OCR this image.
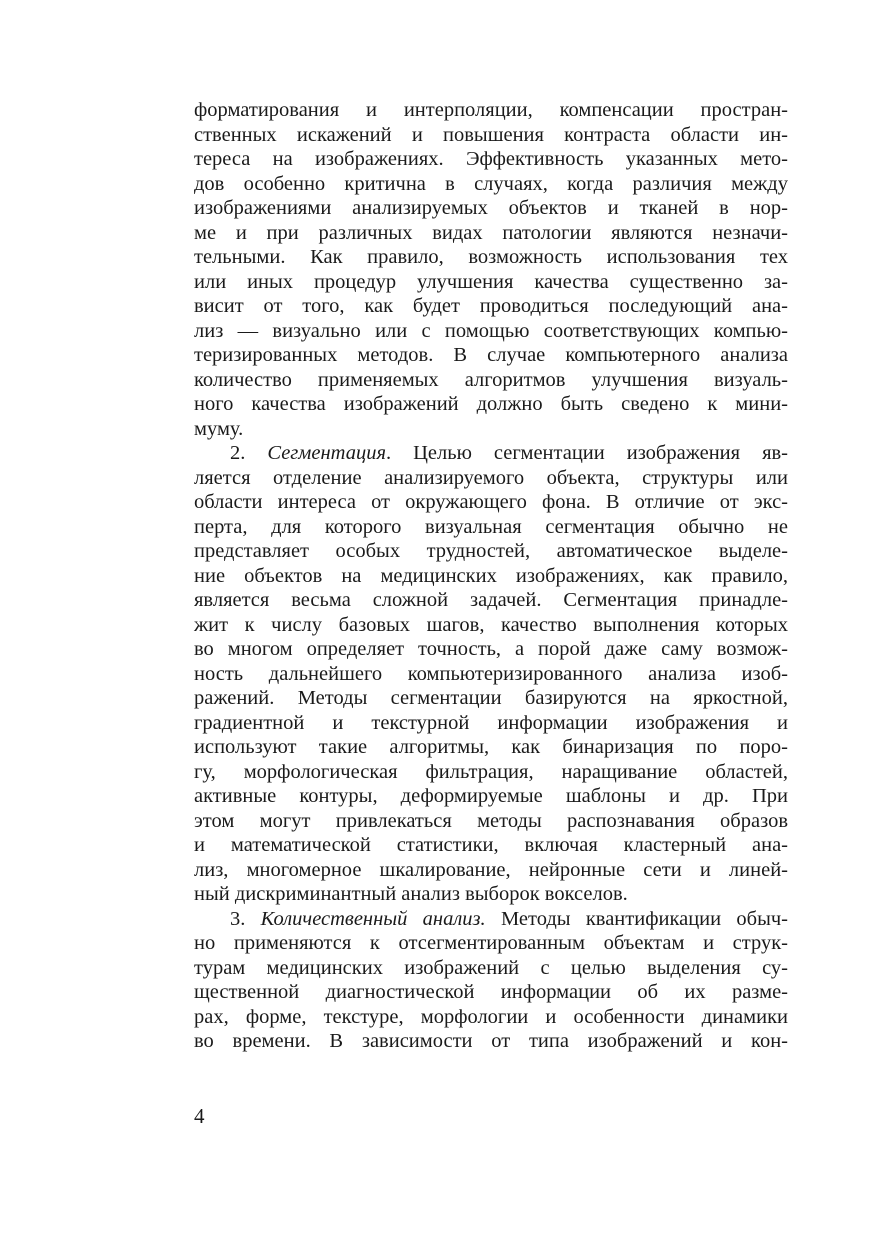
форматирования и интерполяции, компенсации простран-
ственных искажений и повышения контраста области ин-
тереса на изображениях. Эффективность указанных мето-
дов особенно критична в случаях, когда различия между
изображениями анализируемых объектов и тканей в нор-
ме и при различных видах патологии являются незначи-
тельными. Как правило, возможность использования тех
или иных процедур улучшения качества существенно за-
висит от того, как будет проводиться последующий ана-
лиз — визуально или с помощью соответствующих компью-
теризированных методов. В случае компьютерного анализа
количество применяемых алгоритмов улучшения визуаль-
ного качества изображений должно быть сведено к мини-
муму.
2. Сегментация. Целью сегментации изображения яв-
ляется отделение анализируемого объекта, структуры или
области интереса от окружающего фона. В отличие от экс-
перта, для которого визуальная сегментация обычно не
представляет особых трудностей, автоматическое выделе-
ние объектов на медицинских изображениях, как правило,
является весьма сложной задачей. Сегментация принадле-
жит к числу базовых шагов, качество выполнения которых
во многом определяет точность, а порой даже саму возмож-
ность дальнейшего компьютеризированного анализа изоб-
ражений. Методы сегментации базируются на яркостной,
градиентной и текстурной информации изображения и
используют такие алгоритмы, как бинаризация по поро-
гу, морфологическая фильтрация, наращивание областей,
активные контуры, деформируемые шаблоны и др. При
этом могут привлекаться методы распознавания образов
и математической статистики, включая кластерный ана-
лиз, многомерное шкалирование, нейронные сети и линей-
ный дискриминантный анализ выборок вокселов.
3. Количественный анализ. Методы квантификации обыч-
но применяются к отсегментированным объектам и струк-
турам медицинских изображений с целью выделения су-
щественной диагностической информации об их разме-
рах, форме, текстуре, морфологии и особенности динамики
во времени. В зависимости от типа изображений и кон-
4
